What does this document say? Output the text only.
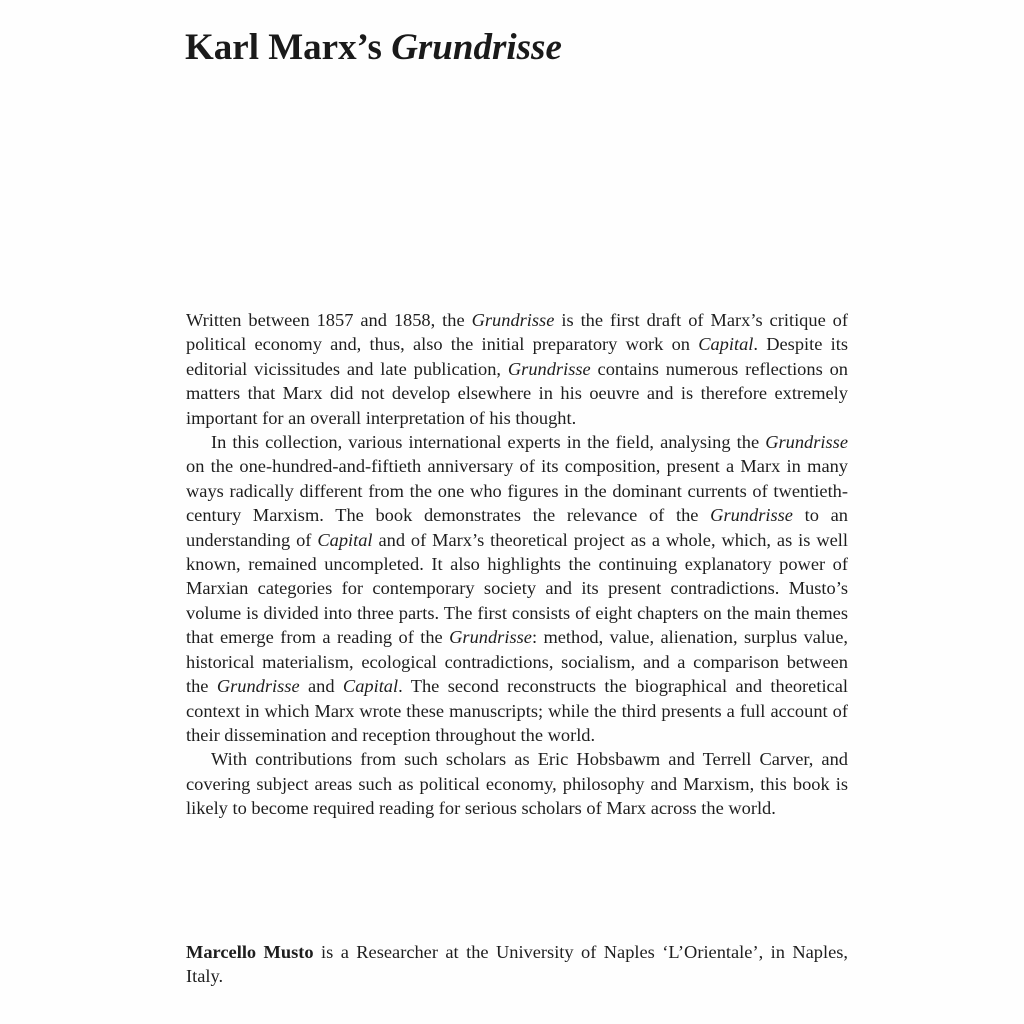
Karl Marx’s Grundrisse

Written between 1857 and 1858, the Grundrisse is the first draft of Marx’s critique of political economy and, thus, also the initial preparatory work on Capital. Despite its editorial vicissitudes and late publication, Grundrisse contains numerous reflections on matters that Marx did not develop elsewhere in his oeuvre and is therefore extremely important for an overall interpretation of his thought.

In this collection, various international experts in the field, analysing the Grundrisse on the one-hundred-and-fiftieth anniversary of its composition, present a Marx in many ways radically different from the one who figures in the dominant currents of twentieth-century Marxism. The book demonstrates the relevance of the Grundrisse to an understanding of Capital and of Marx’s theoretical project as a whole, which, as is well known, remained uncompleted. It also highlights the continuing explanatory power of Marxian categories for contemporary society and its present contradictions. Musto’s volume is divided into three parts. The first consists of eight chapters on the main themes that emerge from a reading of the Grundrisse: method, value, alienation, surplus value, historical materialism, ecological contradictions, socialism, and a comparison between the Grundrisse and Capital. The second reconstructs the biographical and theoretical context in which Marx wrote these manuscripts; while the third presents a full account of their dissemination and reception throughout the world.

With contributions from such scholars as Eric Hobsbawm and Terrell Carver, and covering subject areas such as political economy, philosophy and Marxism, this book is likely to become required reading for serious scholars of Marx across the world.

Marcello Musto is a Researcher at the University of Naples ‘L’Orientale’, in Naples, Italy.
